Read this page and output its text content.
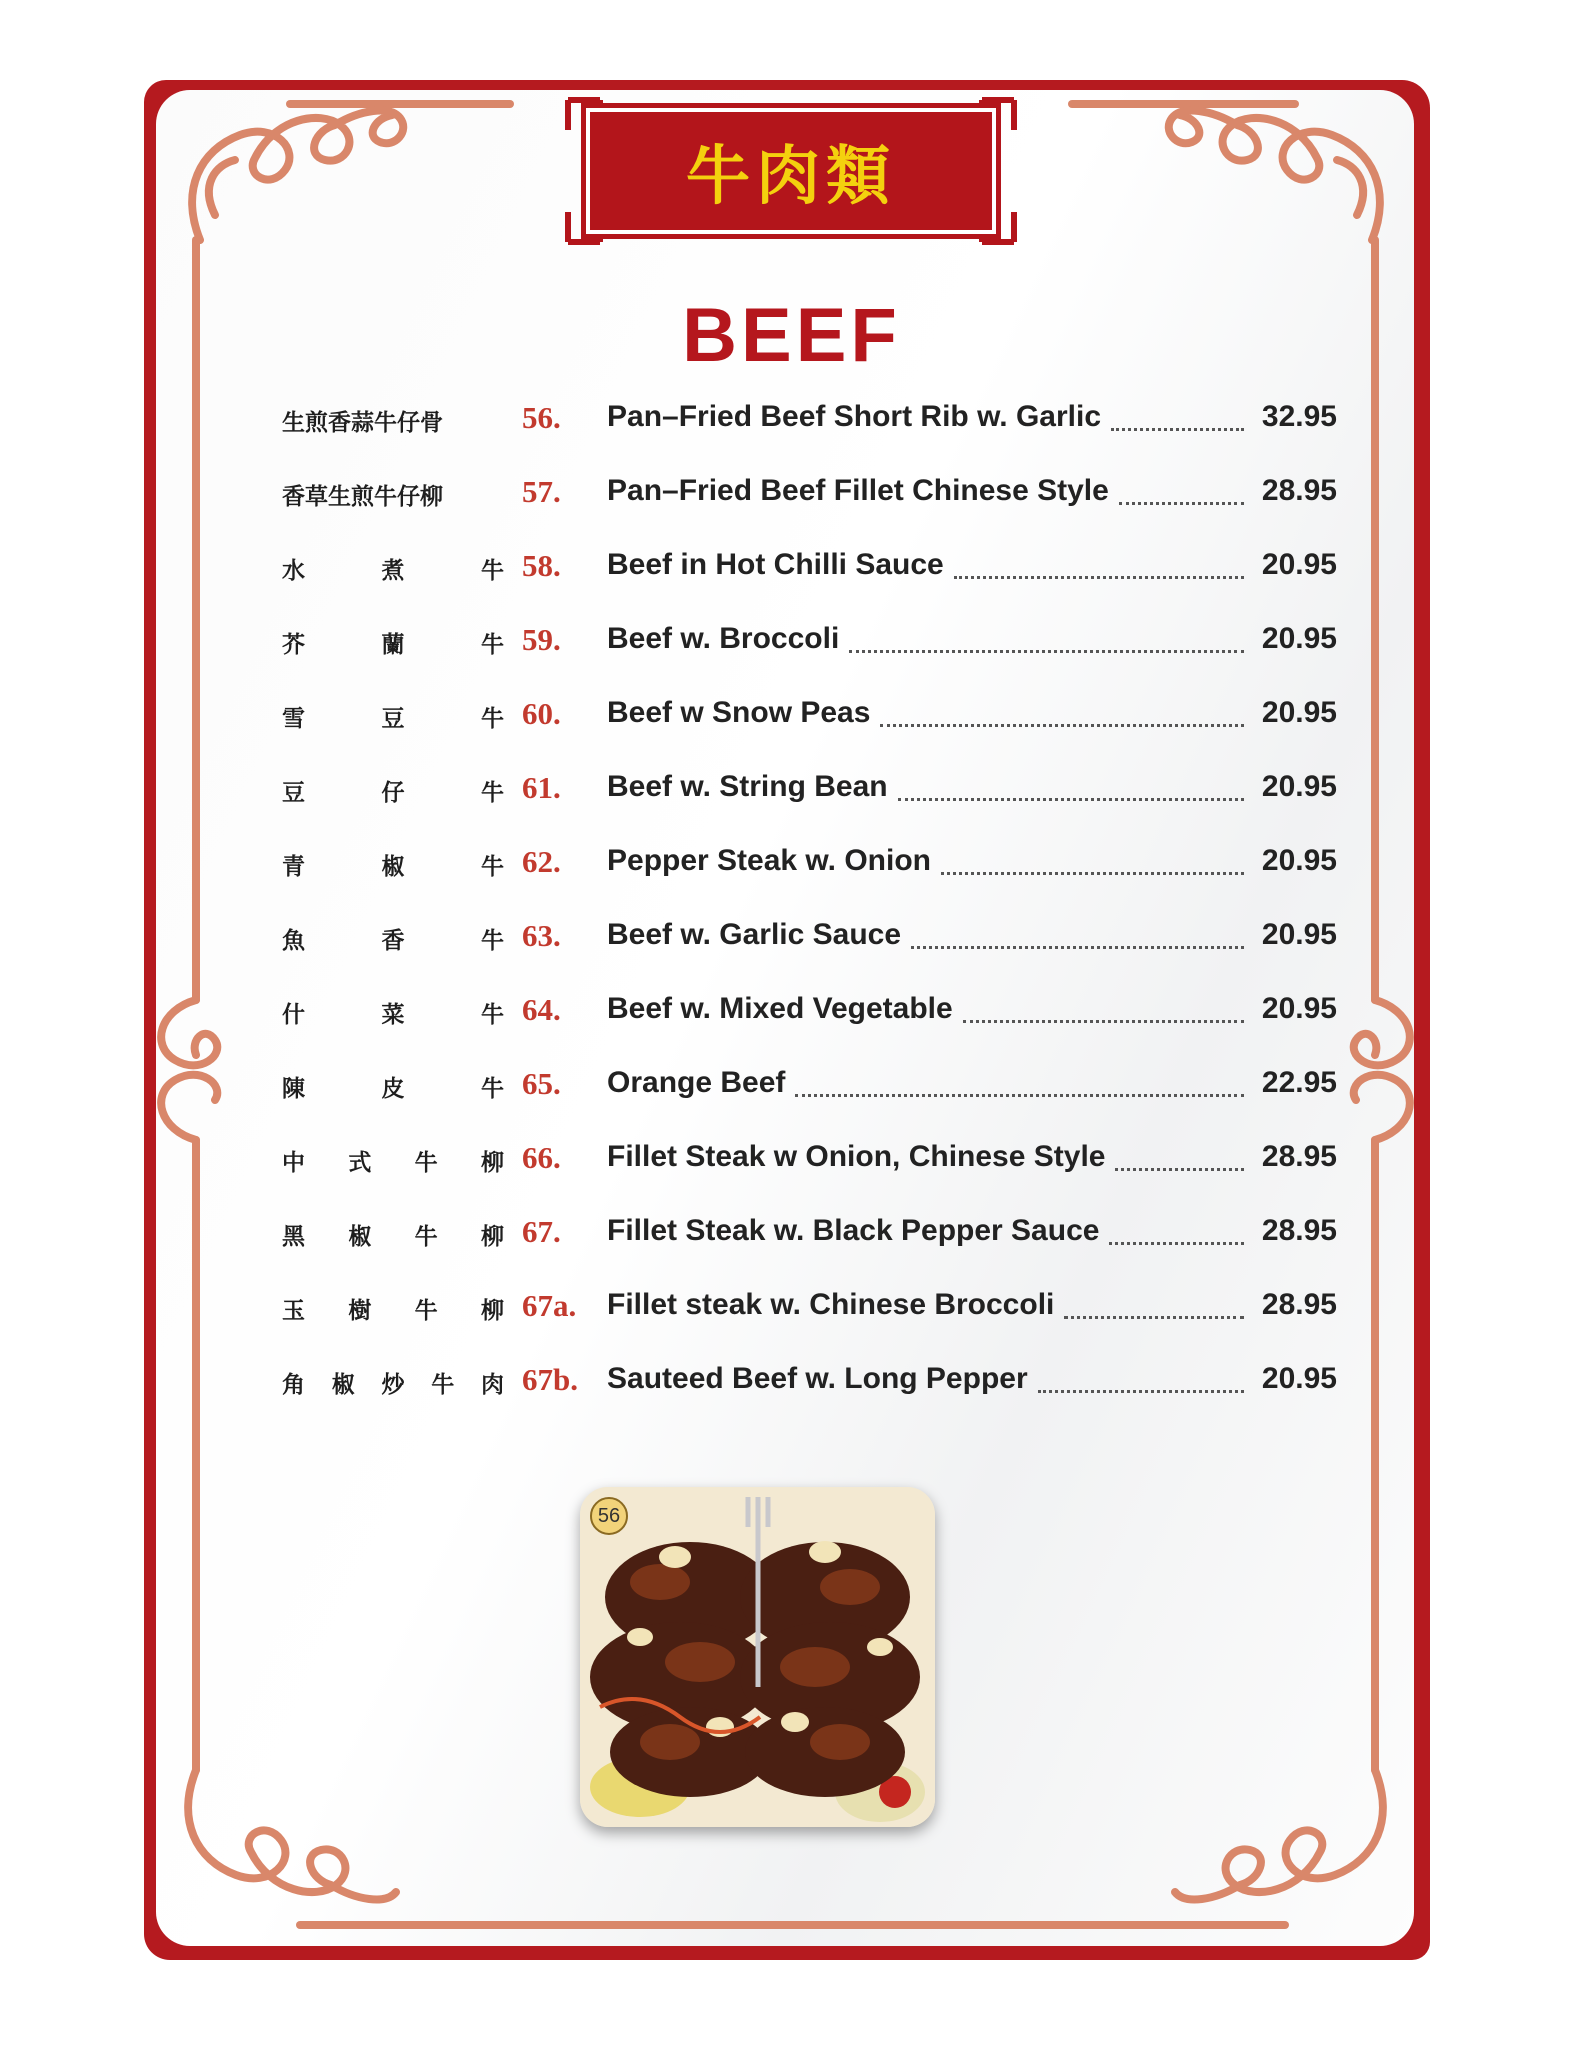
牛肉類
BEEF
生煎香蒜牛仔骨	56. Pan–Fried Beef Short Rib w. Garlic	32.95
香草生煎牛仔柳	57. Pan–Fried Beef Fillet Chinese Style	28.95
水	煮	牛 58. Beef in Hot Chilli Sauce	20.95
芥	蘭	牛 59. Beef w. Broccoli	20.95
雪	豆	牛 60. Beef w Snow Peas	20.95
豆	仔	牛 61. Beef w. String Bean	20.95
青	椒	牛 62. Pepper Steak w. Onion	20.95
魚	香	牛 63. Beef w. Garlic Sauce	20.95
什	菜	牛 64. Beef w. Mixed Vegetable	20.95
陳	皮	牛 65. Orange Beef	22.95
中 式 牛 柳 66. Fillet Steak w Onion, Chinese Style	28.95
黑 椒 牛 柳 67. Fillet Steak w. Black Pepper Sauce	28.95
玉 樹 牛 柳 67a. Fillet steak w. Chinese Broccoli	28.95
角 椒 炒 牛 肉 67b. Sauteed Beef w. Long Pepper	20.95
56
